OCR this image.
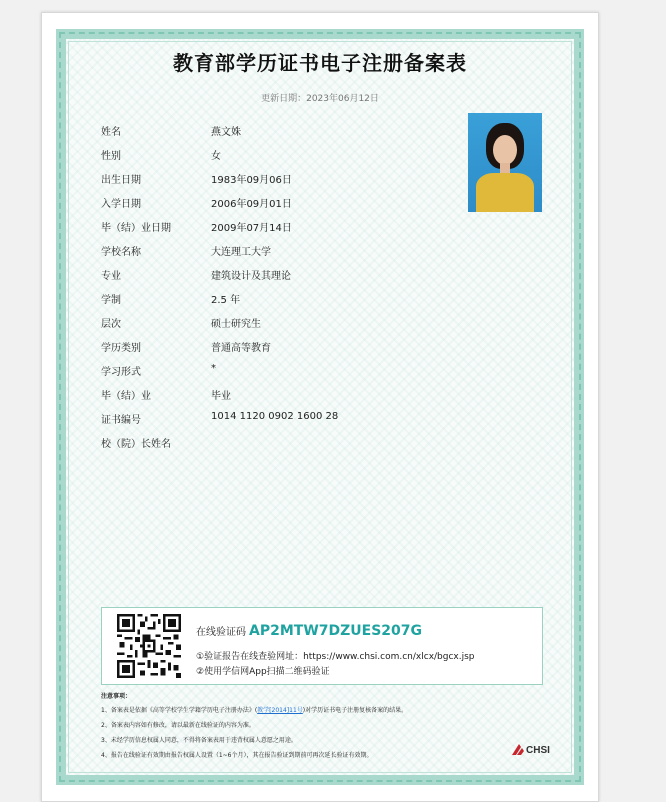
教育部学历证书电子注册备案表
更新日期：2023年06月12日
姓名	燕文姝
性别	女
出生日期	1983年09月06日
入学日期	2006年09月01日
毕（结）业日期	2009年07月14日
学校名称	大连理工大学
专业	建筑设计及其理论
学制	2.5 年
层次	硕士研究生
学历类别	普通高等教育
学习形式	*
毕（结）业	毕业
证书编号	1014 1120 0902 1600 28
校（院）长姓名
在线验证码 AP2MTW7DZUES207G
①验证报告在线查验网址：https://www.chsi.com.cn/xlcx/bgcx.jsp
②使用学信网App扫描二维码验证
注意事项：
1、备案表是依据《高等学校学生学籍学历电子注册办法》(教学[2014]11号)对学历证书电子注册复核备案的结果。
2、备案表内容如有修改，请以最新在线验证的内容为准。
3、未经学历信息权属人同意，不得将备案表用于违背权属人意愿之用途。
4、报告在线验证有效期由报告权属人设置（1~6个月），其在报告验证到期前可再次延长验证有效期。	CHSI
